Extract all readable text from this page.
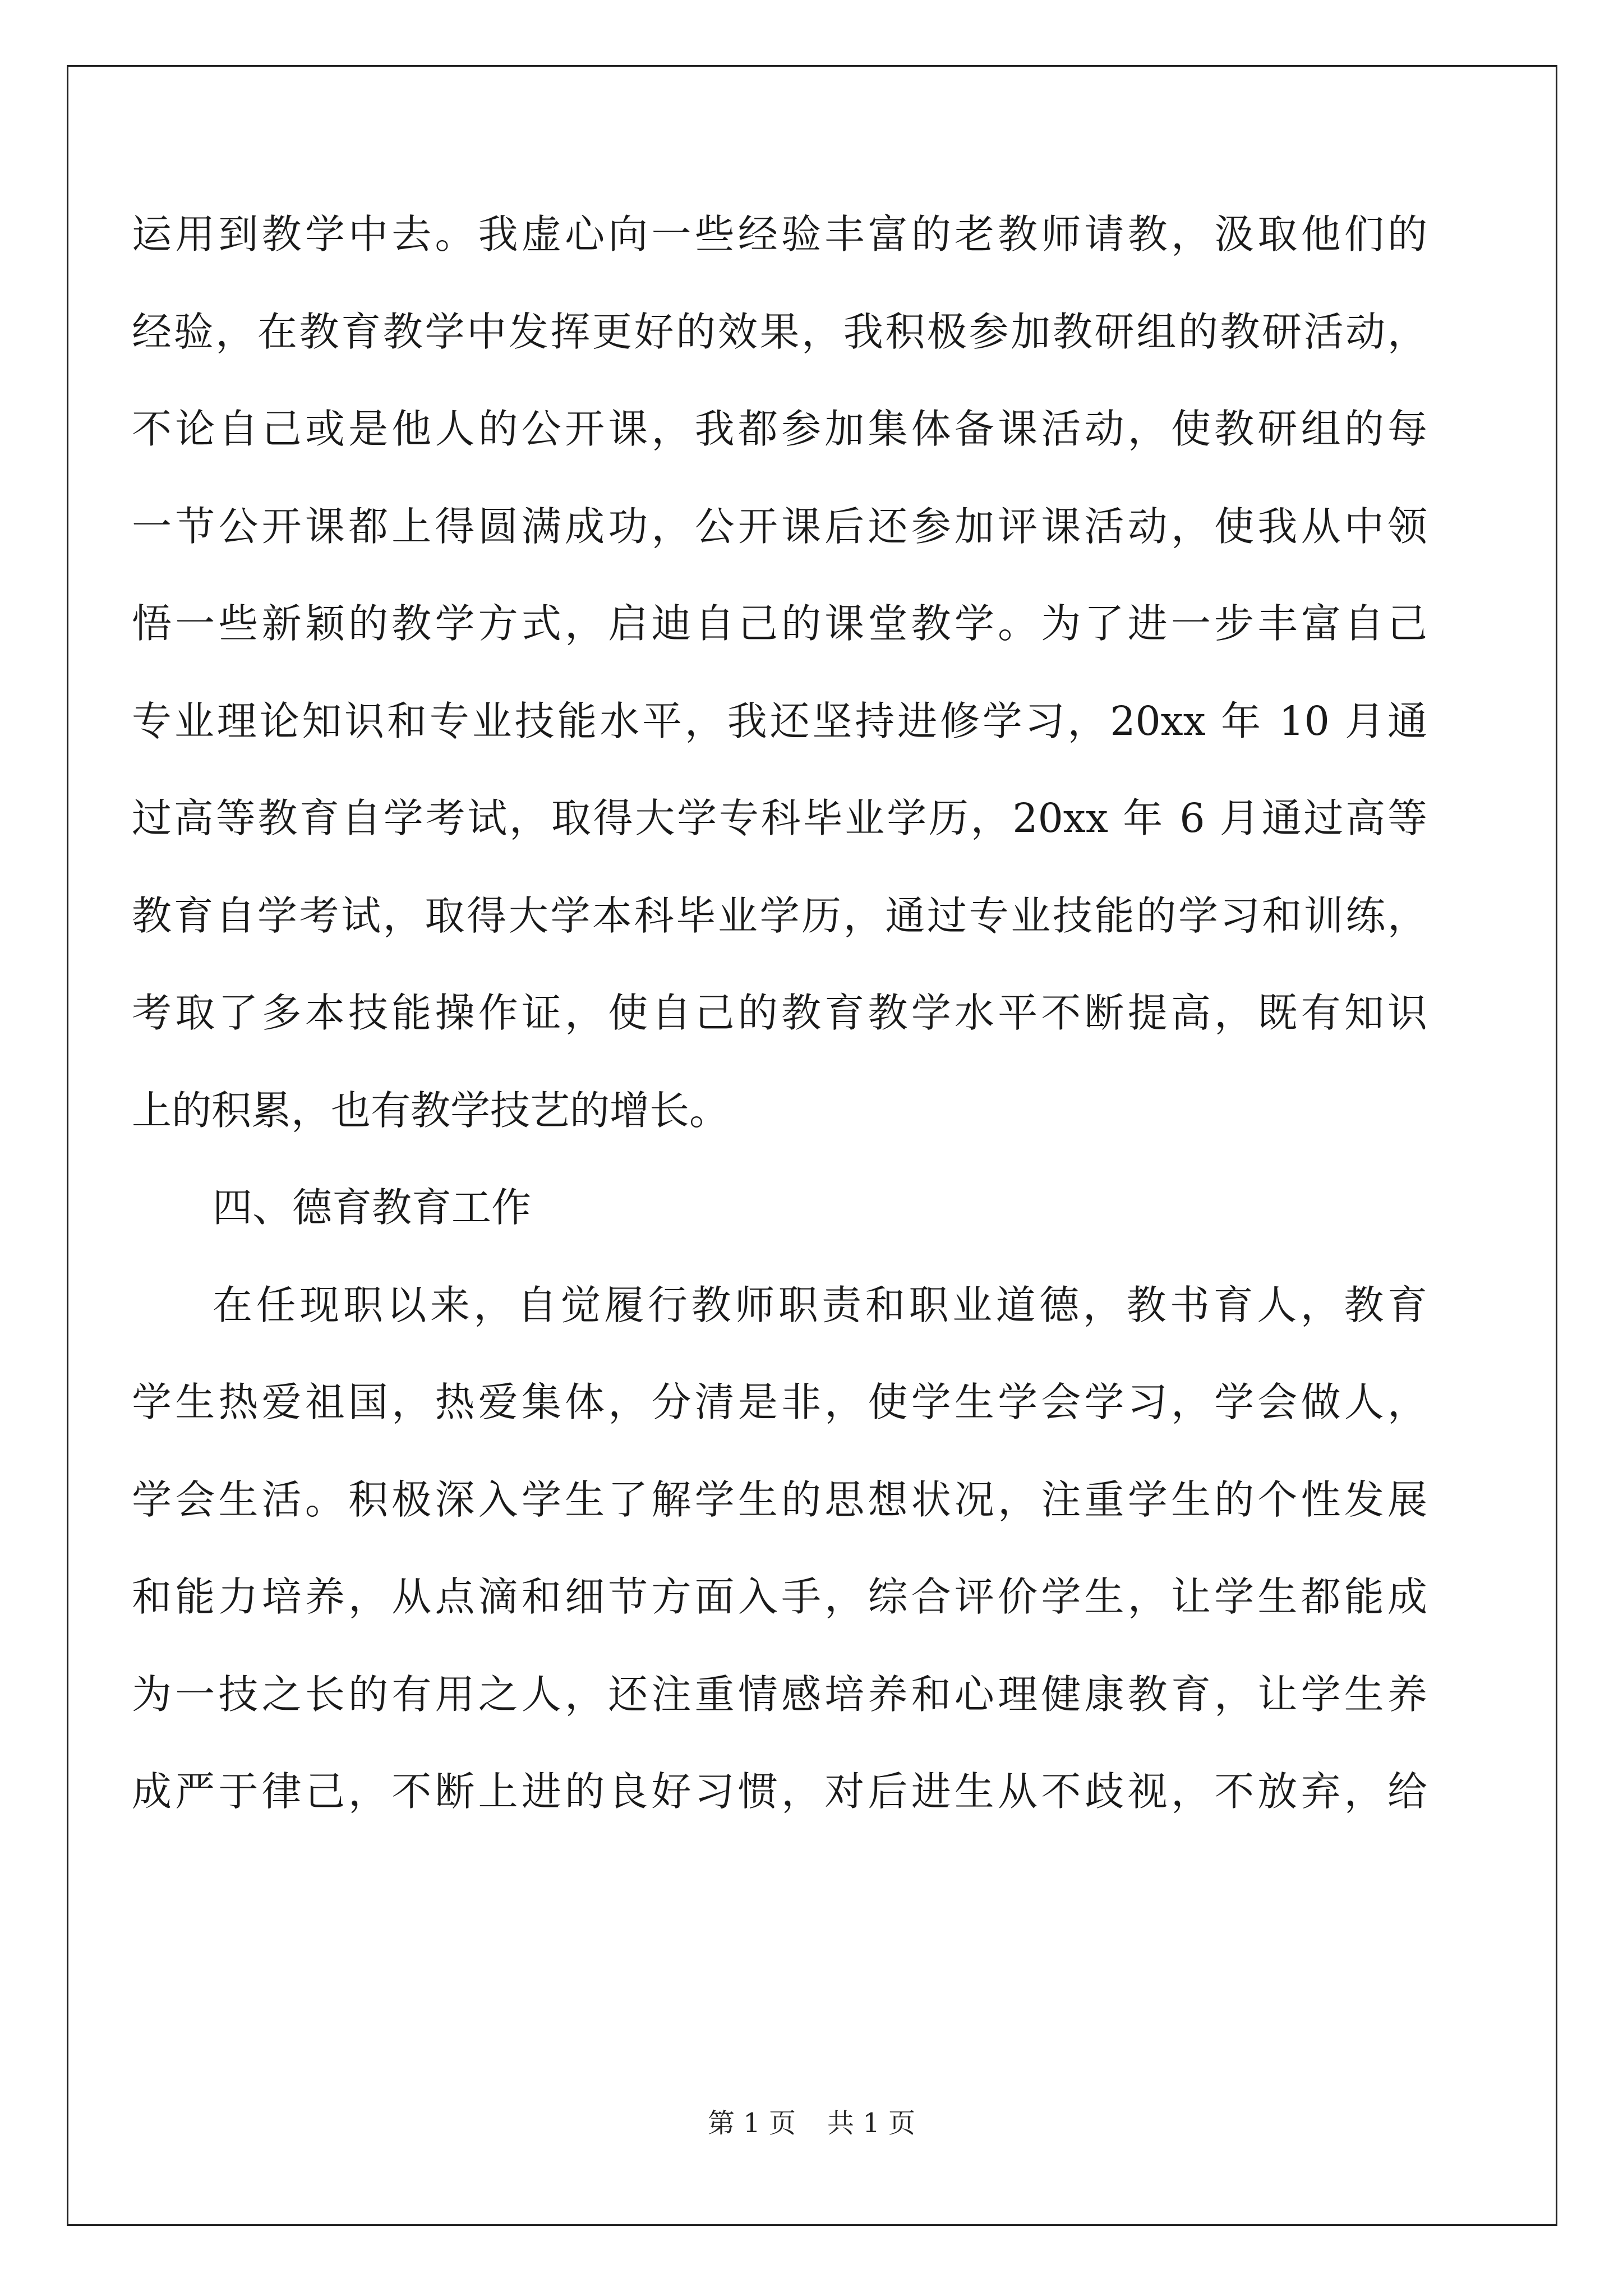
运用到教学中去。我虚心向一些经验丰富的老教师请教，汲取他们的
经验，在教育教学中发挥更好的效果，我积极参加教研组的教研活动，
不论自己或是他人的公开课，我都参加集体备课活动，使教研组的每
一节公开课都上得圆满成功，公开课后还参加评课活动，使我从中领
悟一些新颖的教学方式，启迪自己的课堂教学。为了进一步丰富自己
专业理论知识和专业技能水平，我还坚持进修学习，20xx 年 10 月通
过高等教育自学考试，取得大学专科毕业学历，20xx 年 6 月通过高等
教育自学考试，取得大学本科毕业学历，通过专业技能的学习和训练，
考取了多本技能操作证，使自己的教育教学水平不断提高，既有知识
上的积累，也有教学技艺的增长。
四、德育教育工作
在任现职以来，自觉履行教师职责和职业道德，教书育人，教育
学生热爱祖国，热爱集体，分清是非，使学生学会学习，学会做人，
学会生活。积极深入学生了解学生的思想状况，注重学生的个性发展
和能力培养，从点滴和细节方面入手，综合评价学生，让学生都能成
为一技之长的有用之人，还注重情感培养和心理健康教育，让学生养
成严于律己，不断上进的良好习惯，对后进生从不歧视，不放弃，给
第 1 页 共 1 页
